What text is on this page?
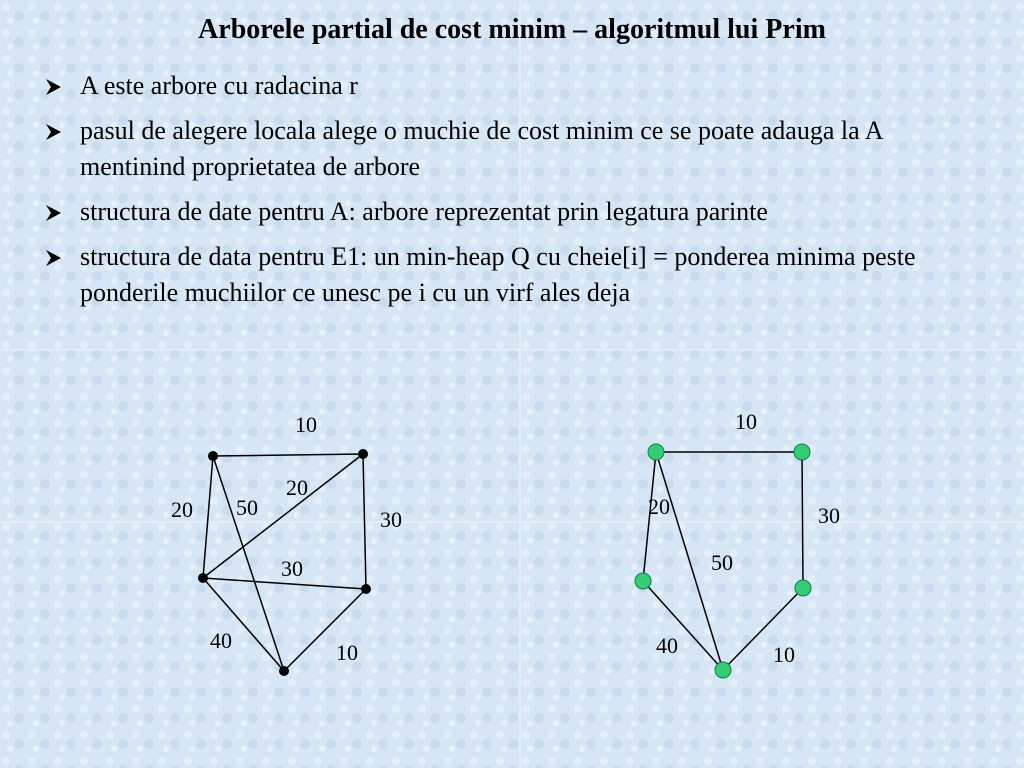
Arborele partial de cost minim – algoritmul lui Prim
A este arbore cu radacina r
pasul de alegere locala alege o muchie de cost minim ce se poate adauga la A mentinind proprietatea de arbore
structura de date pentru A: arbore reprezentat prin legatura parinte
structura de data pentru E1: un min-heap Q cu cheie[i] = ponderea minima peste ponderile muchiilor ce unesc pe i cu un virf ales deja
10
20 50
20
30
30
40	10
10
20	30
50
40	10
